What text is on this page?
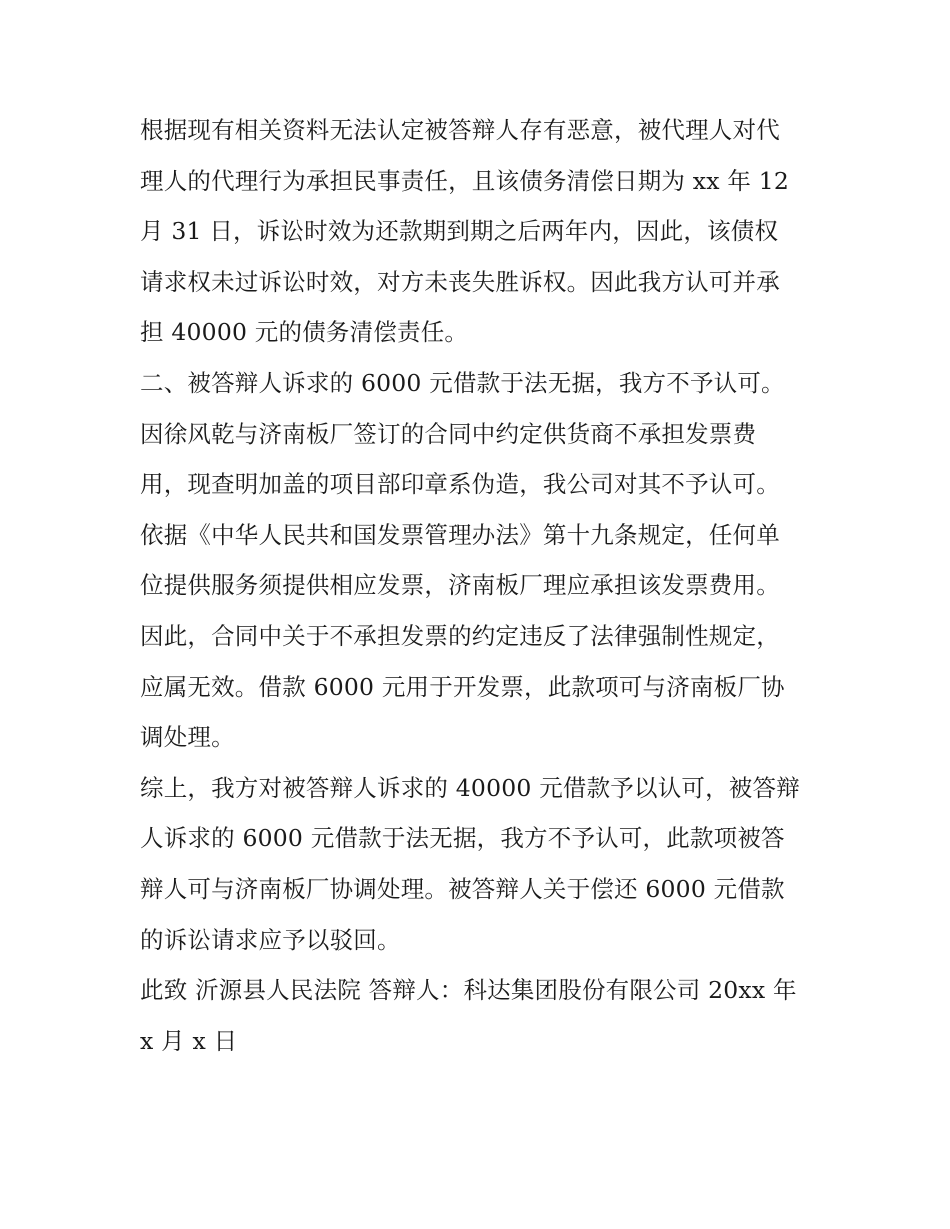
根据现有相关资料无法认定被答辩人存有恶意，被代理人对代
理人的代理行为承担民事责任，且该债务清偿日期为 xx 年 12
月 31 日，诉讼时效为还款期到期之后两年内，因此，该债权
请求权未过诉讼时效，对方未丧失胜诉权。因此我方认可并承
担 40000 元的债务清偿责任。
二、被答辩人诉求的 6000 元借款于法无据，我方不予认可。
因徐风乾与济南板厂签订的合同中约定供货商不承担发票费
用，现查明加盖的项目部印章系伪造，我公司对其不予认可。
依据《中华人民共和国发票管理办法》第十九条规定，任何单
位提供服务须提供相应发票，济南板厂理应承担该发票费用。
因此，合同中关于不承担发票的约定违反了法律强制性规定，
应属无效。借款 6000 元用于开发票，此款项可与济南板厂协
调处理。
综上，我方对被答辩人诉求的 40000 元借款予以认可，被答辩
人诉求的 6000 元借款于法无据，我方不予认可，此款项被答
辩人可与济南板厂协调处理。被答辩人关于偿还 6000 元借款
的诉讼请求应予以驳回。
此致 沂源县人民法院 答辩人：科达集团股份有限公司 20xx 年
x 月 x 日
